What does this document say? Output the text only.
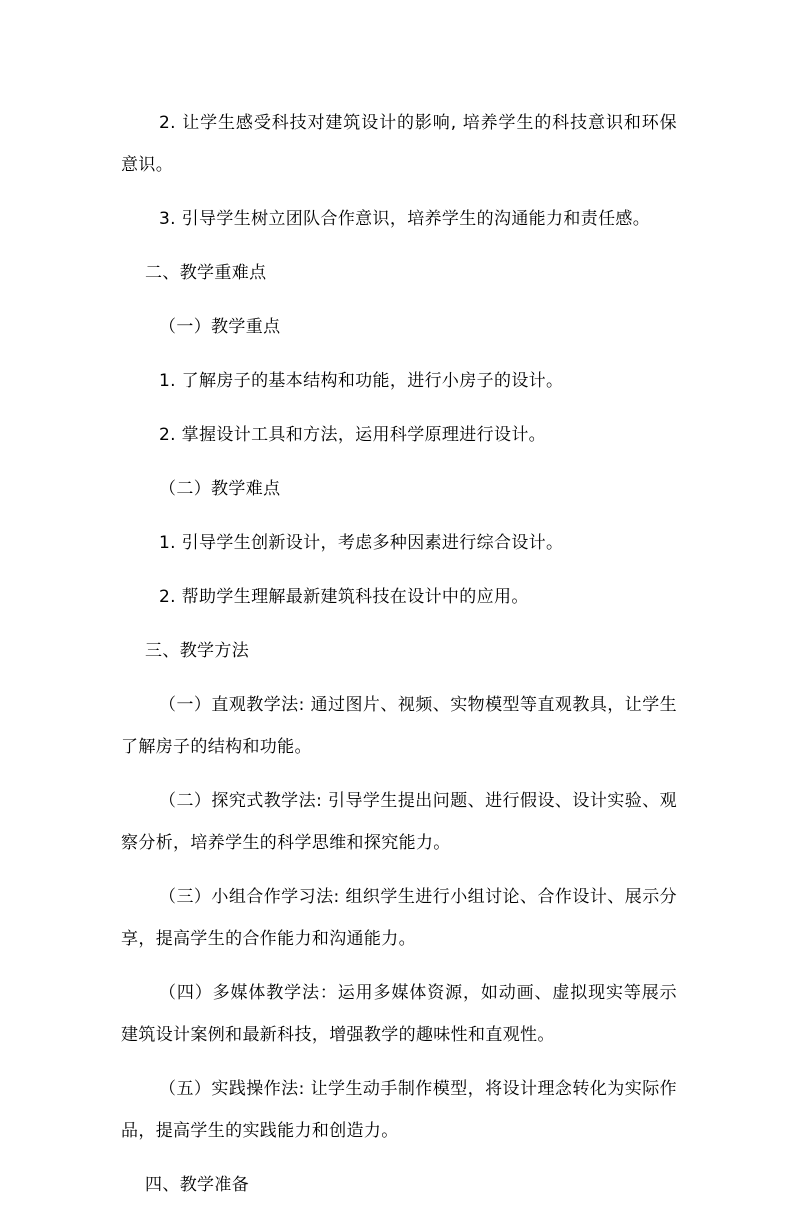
2. 让学生感受科技对建筑设计的影响, 培养学生的科技意识和环保意识。

3. 引导学生树立团队合作意识，培养学生的沟通能力和责任感。

二、教学重难点

（一）教学重点

1. 了解房子的基本结构和功能，进行小房子的设计。

2. 掌握设计工具和方法，运用科学原理进行设计。

（二）教学难点

1. 引导学生创新设计，考虑多种因素进行综合设计。

2. 帮助学生理解最新建筑科技在设计中的应用。

三、教学方法

（一）直观教学法: 通过图片、视频、实物模型等直观教具，让学生了解房子的结构和功能。

（二）探究式教学法: 引导学生提出问题、进行假设、设计实验、观察分析，培养学生的科学思维和探究能力。

（三）小组合作学习法: 组织学生进行小组讨论、合作设计、展示分享，提高学生的合作能力和沟通能力。

（四）多媒体教学法：运用多媒体资源，如动画、虚拟现实等展示建筑设计案例和最新科技，增强教学的趣味性和直观性。

（五）实践操作法: 让学生动手制作模型，将设计理念转化为实际作品，提高学生的实践能力和创造力。

四、教学准备
